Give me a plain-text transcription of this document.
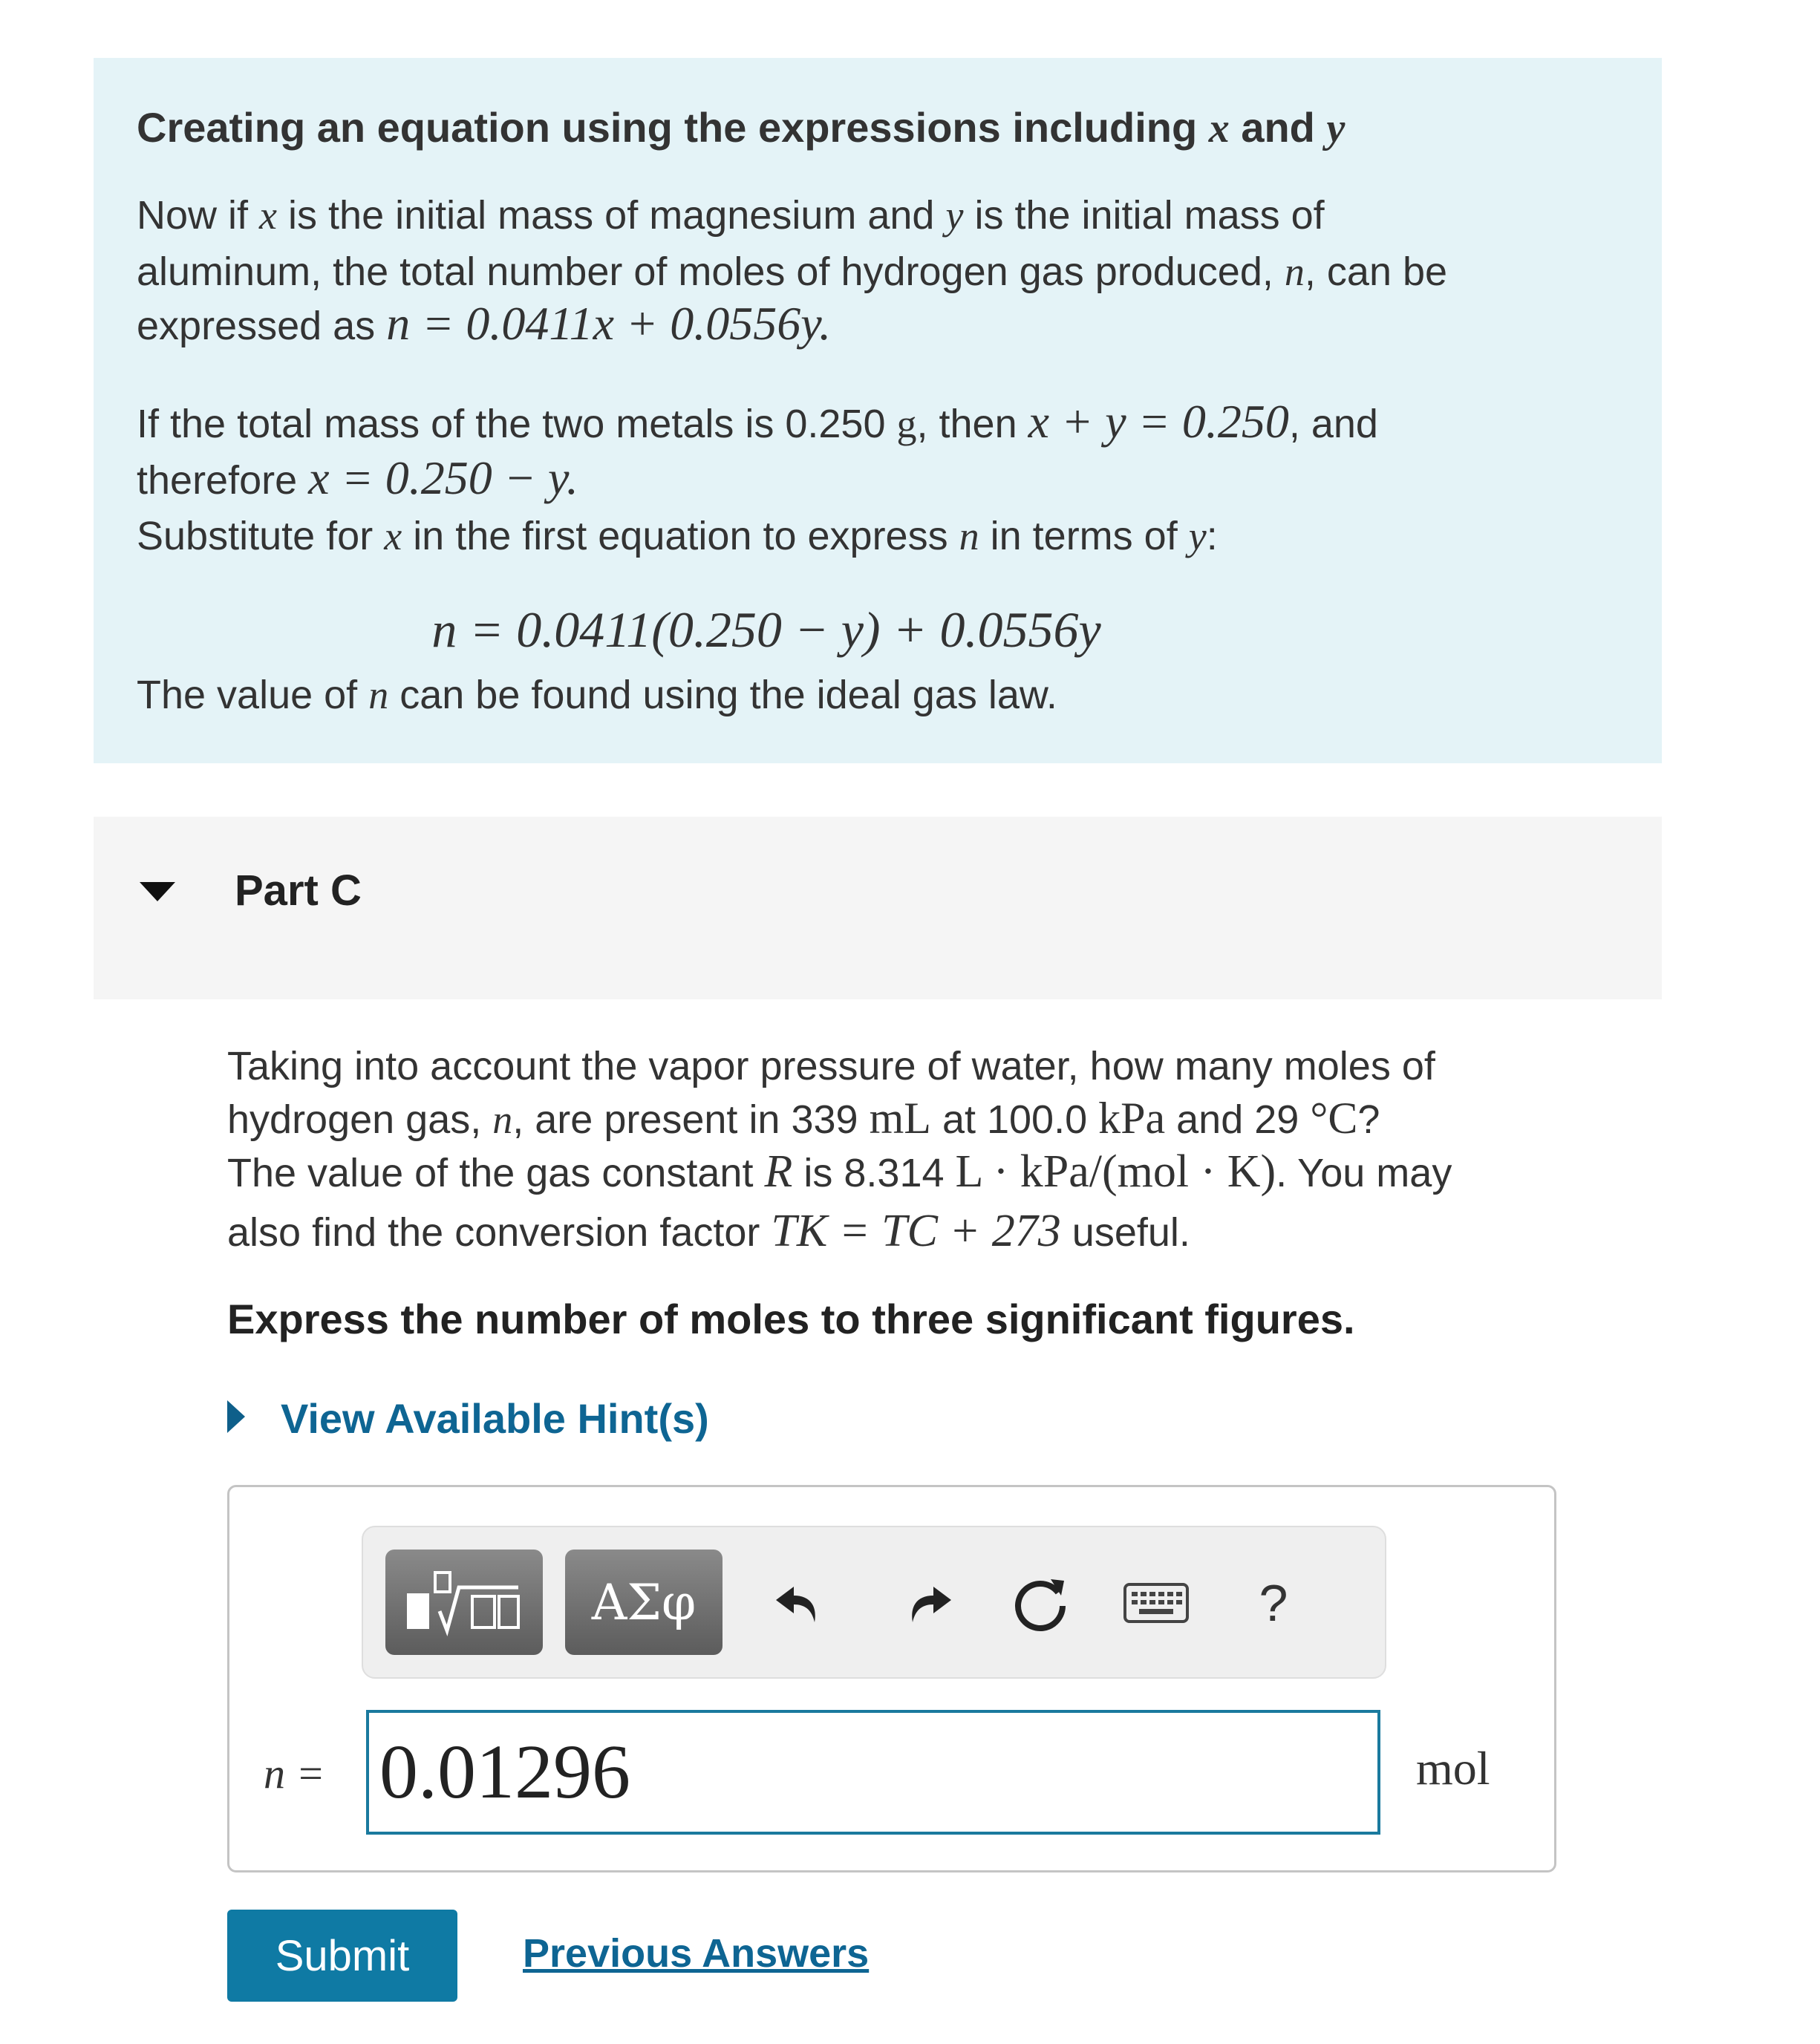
Creating an equation using the expressions including x and y
Now if x is the initial mass of magnesium and y is the initial mass of
aluminum, the total number of moles of hydrogen gas produced, n, can be
expressed as n = 0.0411x + 0.0556y.
If the total mass of the two metals is 0.250 g, then x + y = 0.250, and
therefore x = 0.250 − y.
Substitute for x in the first equation to express n in terms of y:
n = 0.0411(0.250 − y) + 0.0556y
The value of n can be found using the ideal gas law.
Part C
Taking into account the vapor pressure of water, how many moles of
hydrogen gas, n, are present in 339 mL at 100.0 kPa and 29 °C?
The value of the gas constant R is 8.314 L · kPa/(mol · K). You may
also find the conversion factor TK = TC + 273 useful.
Express the number of moles to three significant figures.
View Available Hint(s)
ΑΣφ	?
n = 0.01296	mol
Submit	Previous Answers
